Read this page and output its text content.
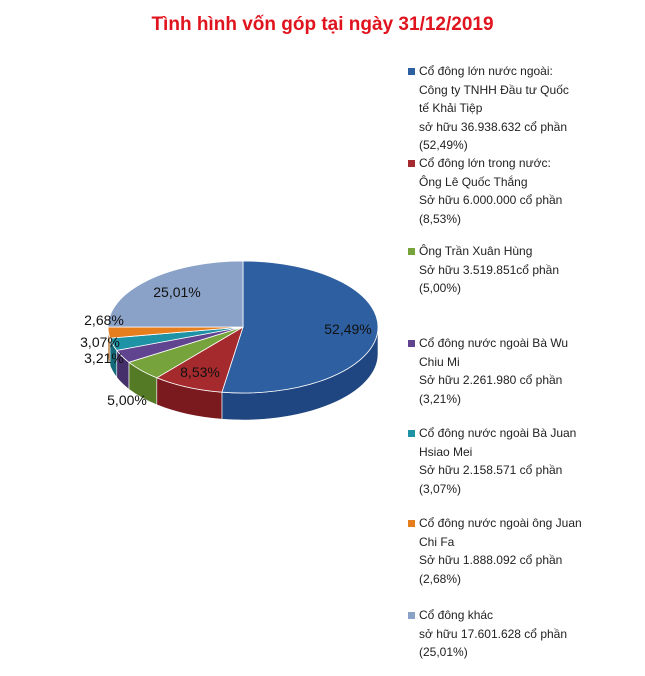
Tình hình vốn góp tại ngày 31/12/2019
52,49%
8,53%
5,00%
3,21%
3,07%
2,68%
25,01%
Cổ đông lớn nước ngoài:
Công ty TNHH Đầu tư Quốc
tế Khải Tiệp
sở hữu 36.938.632 cổ phần
(52,49%)
Cổ đông lớn trong nước:
Ông Lê Quốc Thắng
Sở hữu 6.000.000 cổ phần
(8,53%)
Ông Trần Xuân Hùng
Sở hữu 3.519.851cổ phần
(5,00%)
Cổ đông nước ngoài Bà Wu
Chiu Mi
Sở hữu 2.261.980 cổ phần
(3,21%)
Cổ đông nước ngoài Bà Juan
Hsiao Mei
Sở hữu 2.158.571 cổ phần
(3,07%)
Cổ đông nước ngoài ông Juan
Chi Fa
Sở hữu 1.888.092 cổ phần
(2,68%)
Cổ đông khác
sở hữu 17.601.628 cổ phần
(25,01%)
